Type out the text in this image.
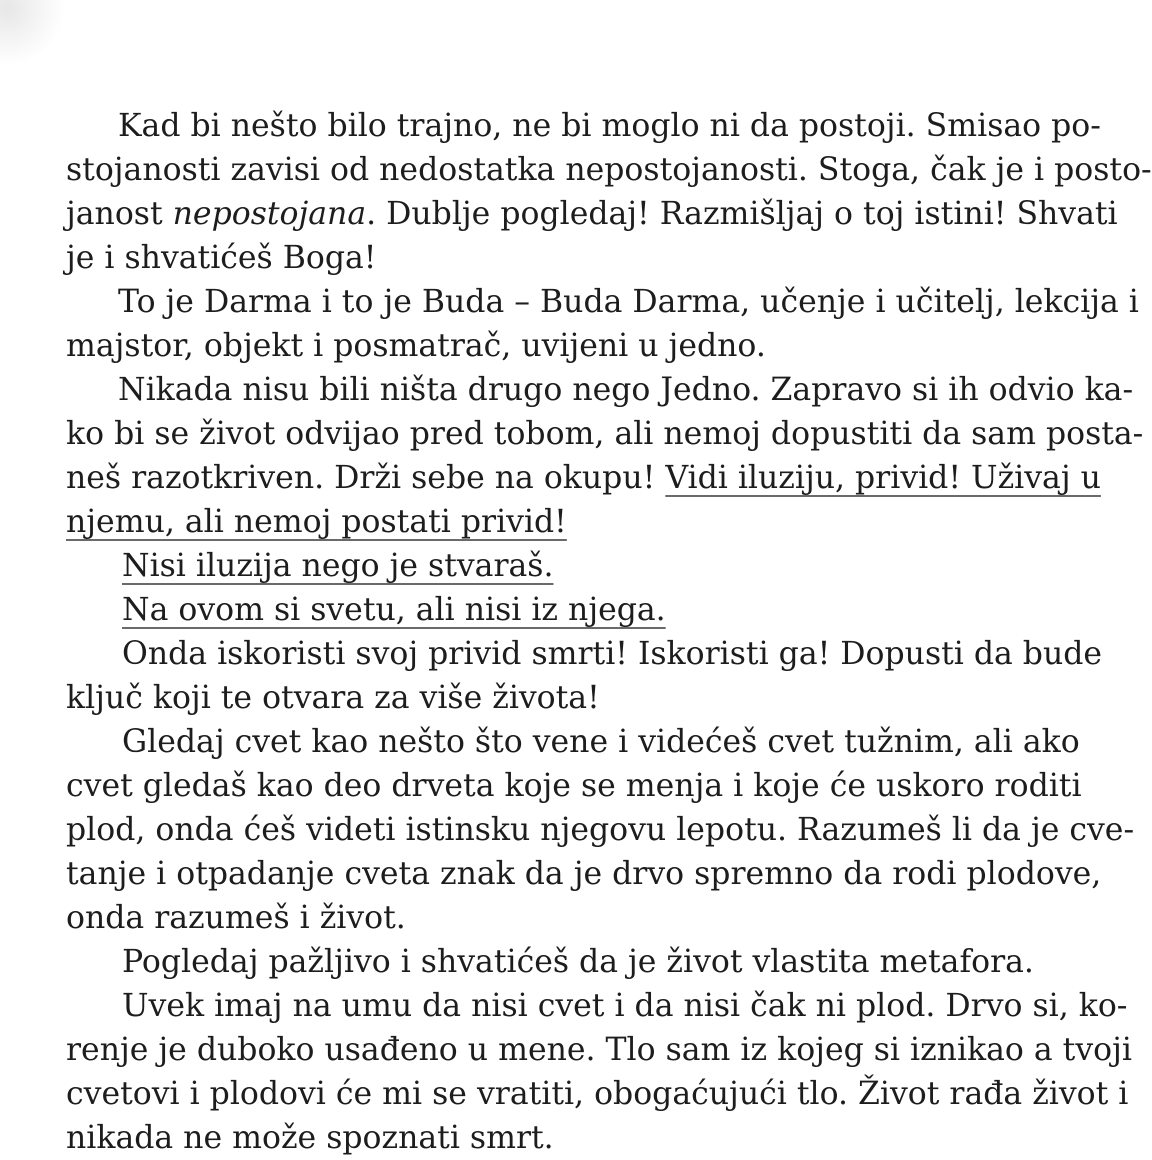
Kad bi nešto bilo trajno, ne bi moglo ni da postoji. Smisao po-
stojanosti zavisi od nedostatka nepostojanosti. Stoga, čak je i posto-
janost nepostojana. Dublje pogledaj! Razmišljaj o toj istini! Shvati
je i shvatićeš Boga!
To je Darma i to je Buda – Buda Darma, učenje i učitelj, lekcija i
majstor, objekt i posmatrač, uvijeni u jedno.
Nikada nisu bili ništa drugo nego Jedno. Zapravo si ih odvio ka-
ko bi se život odvijao pred tobom, ali nemoj dopustiti da sam posta-
neš razotkriven. Drži sebe na okupu! Vidi iluziju, privid! Uživaj u
njemu, ali nemoj postati privid!
Nisi iluzija nego je stvaraš.
Na ovom si svetu, ali nisi iz njega.
Onda iskoristi svoj privid smrti! Iskoristi ga! Dopusti da bude
ključ koji te otvara za više života!
Gledaj cvet kao nešto što vene i videćeš cvet tužnim, ali ako
cvet gledaš kao deo drveta koje se menja i koje će uskoro roditi
plod, onda ćeš videti istinsku njegovu lepotu. Razumeš li da je cve-
tanje i otpadanje cveta znak da je drvo spremno da rodi plodove,
onda razumeš i život.
Pogledaj pažljivo i shvatićeš da je život vlastita metafora.
Uvek imaj na umu da nisi cvet i da nisi čak ni plod. Drvo si, ko-
renje je duboko usađeno u mene. Tlo sam iz kojeg si iznikao a tvoji
cvetovi i plodovi će mi se vratiti, obogaćujući tlo. Život rađa život i
nikada ne može spoznati smrt.
